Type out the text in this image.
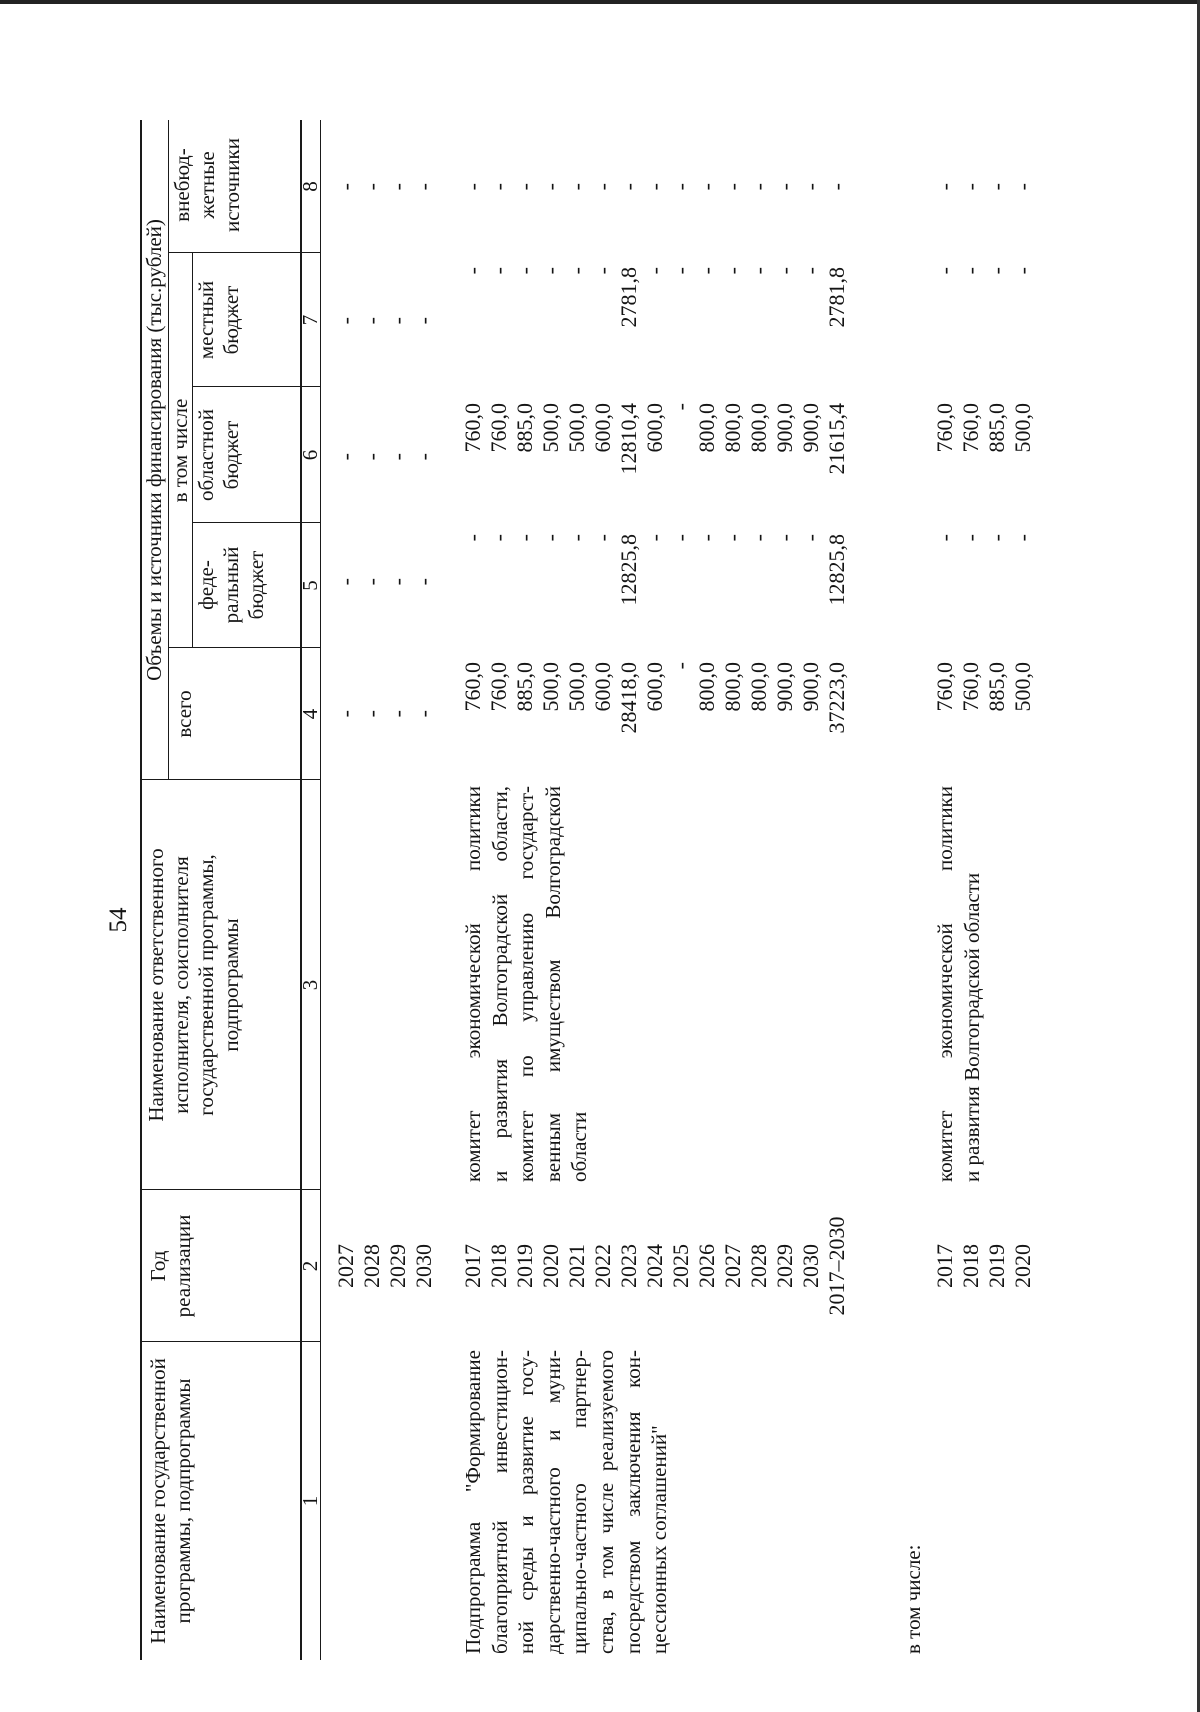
54
Наименование государственной программы, подпрограммы
Год реализации
Наименование ответственного исполнителя, соисполнителя государственной программы, подпрограммы
Объемы и источники финансирования (тыс.рублей)
всего
в том числе
феде- ральный бюджет
областной бюджет
местный бюджет
внебюд- жетные источники
1
2
3
4
5
6
7
8
2027
2028
2029
2030
-
-
-
-
-
-
-
-
-
-
-
-
-
-
-
-
-
-
-
-
Подпрограмма "Формирование благоприятной инвестицион- ной среды и развитие госу- дарственно-частного и муни- ципально-частного партнер- ства, в том числе реализуемого посредством заключения кон- цессионных соглашений"
2017
2018
2019
2020
2021
2022
2023
2024
2025
2026
2027
2028
2029
2030
2017–2030
комитет экономической политики и развития Волгоградской области, комитет по управлению государст- венным имуществом Волгоградской области
760,0
760,0
885,0
500,0
500,0
600,0
28418,0
600,0
-
800,0
800,0
800,0
900,0
900,0
37223,0
-
-
-
-
-
-
12825,8
-
-
-
-
-
-
-
12825,8
760,0
760,0
885,0
500,0
500,0
600,0
12810,4
600,0
-
800,0
800,0
800,0
900,0
900,0
21615,4
-
-
-
-
-
-
2781,8
-
-
-
-
-
-
-
2781,8
-
-
-
-
-
-
-
-
-
-
-
-
-
-
-
в том числе:
2017
2018
2019
2020
комитет экономической политики и развития Волгоградской области
760,0
760,0
885,0
500,0
-
-
-
-
760,0
760,0
885,0
500,0
-
-
-
-
-
-
-
-
